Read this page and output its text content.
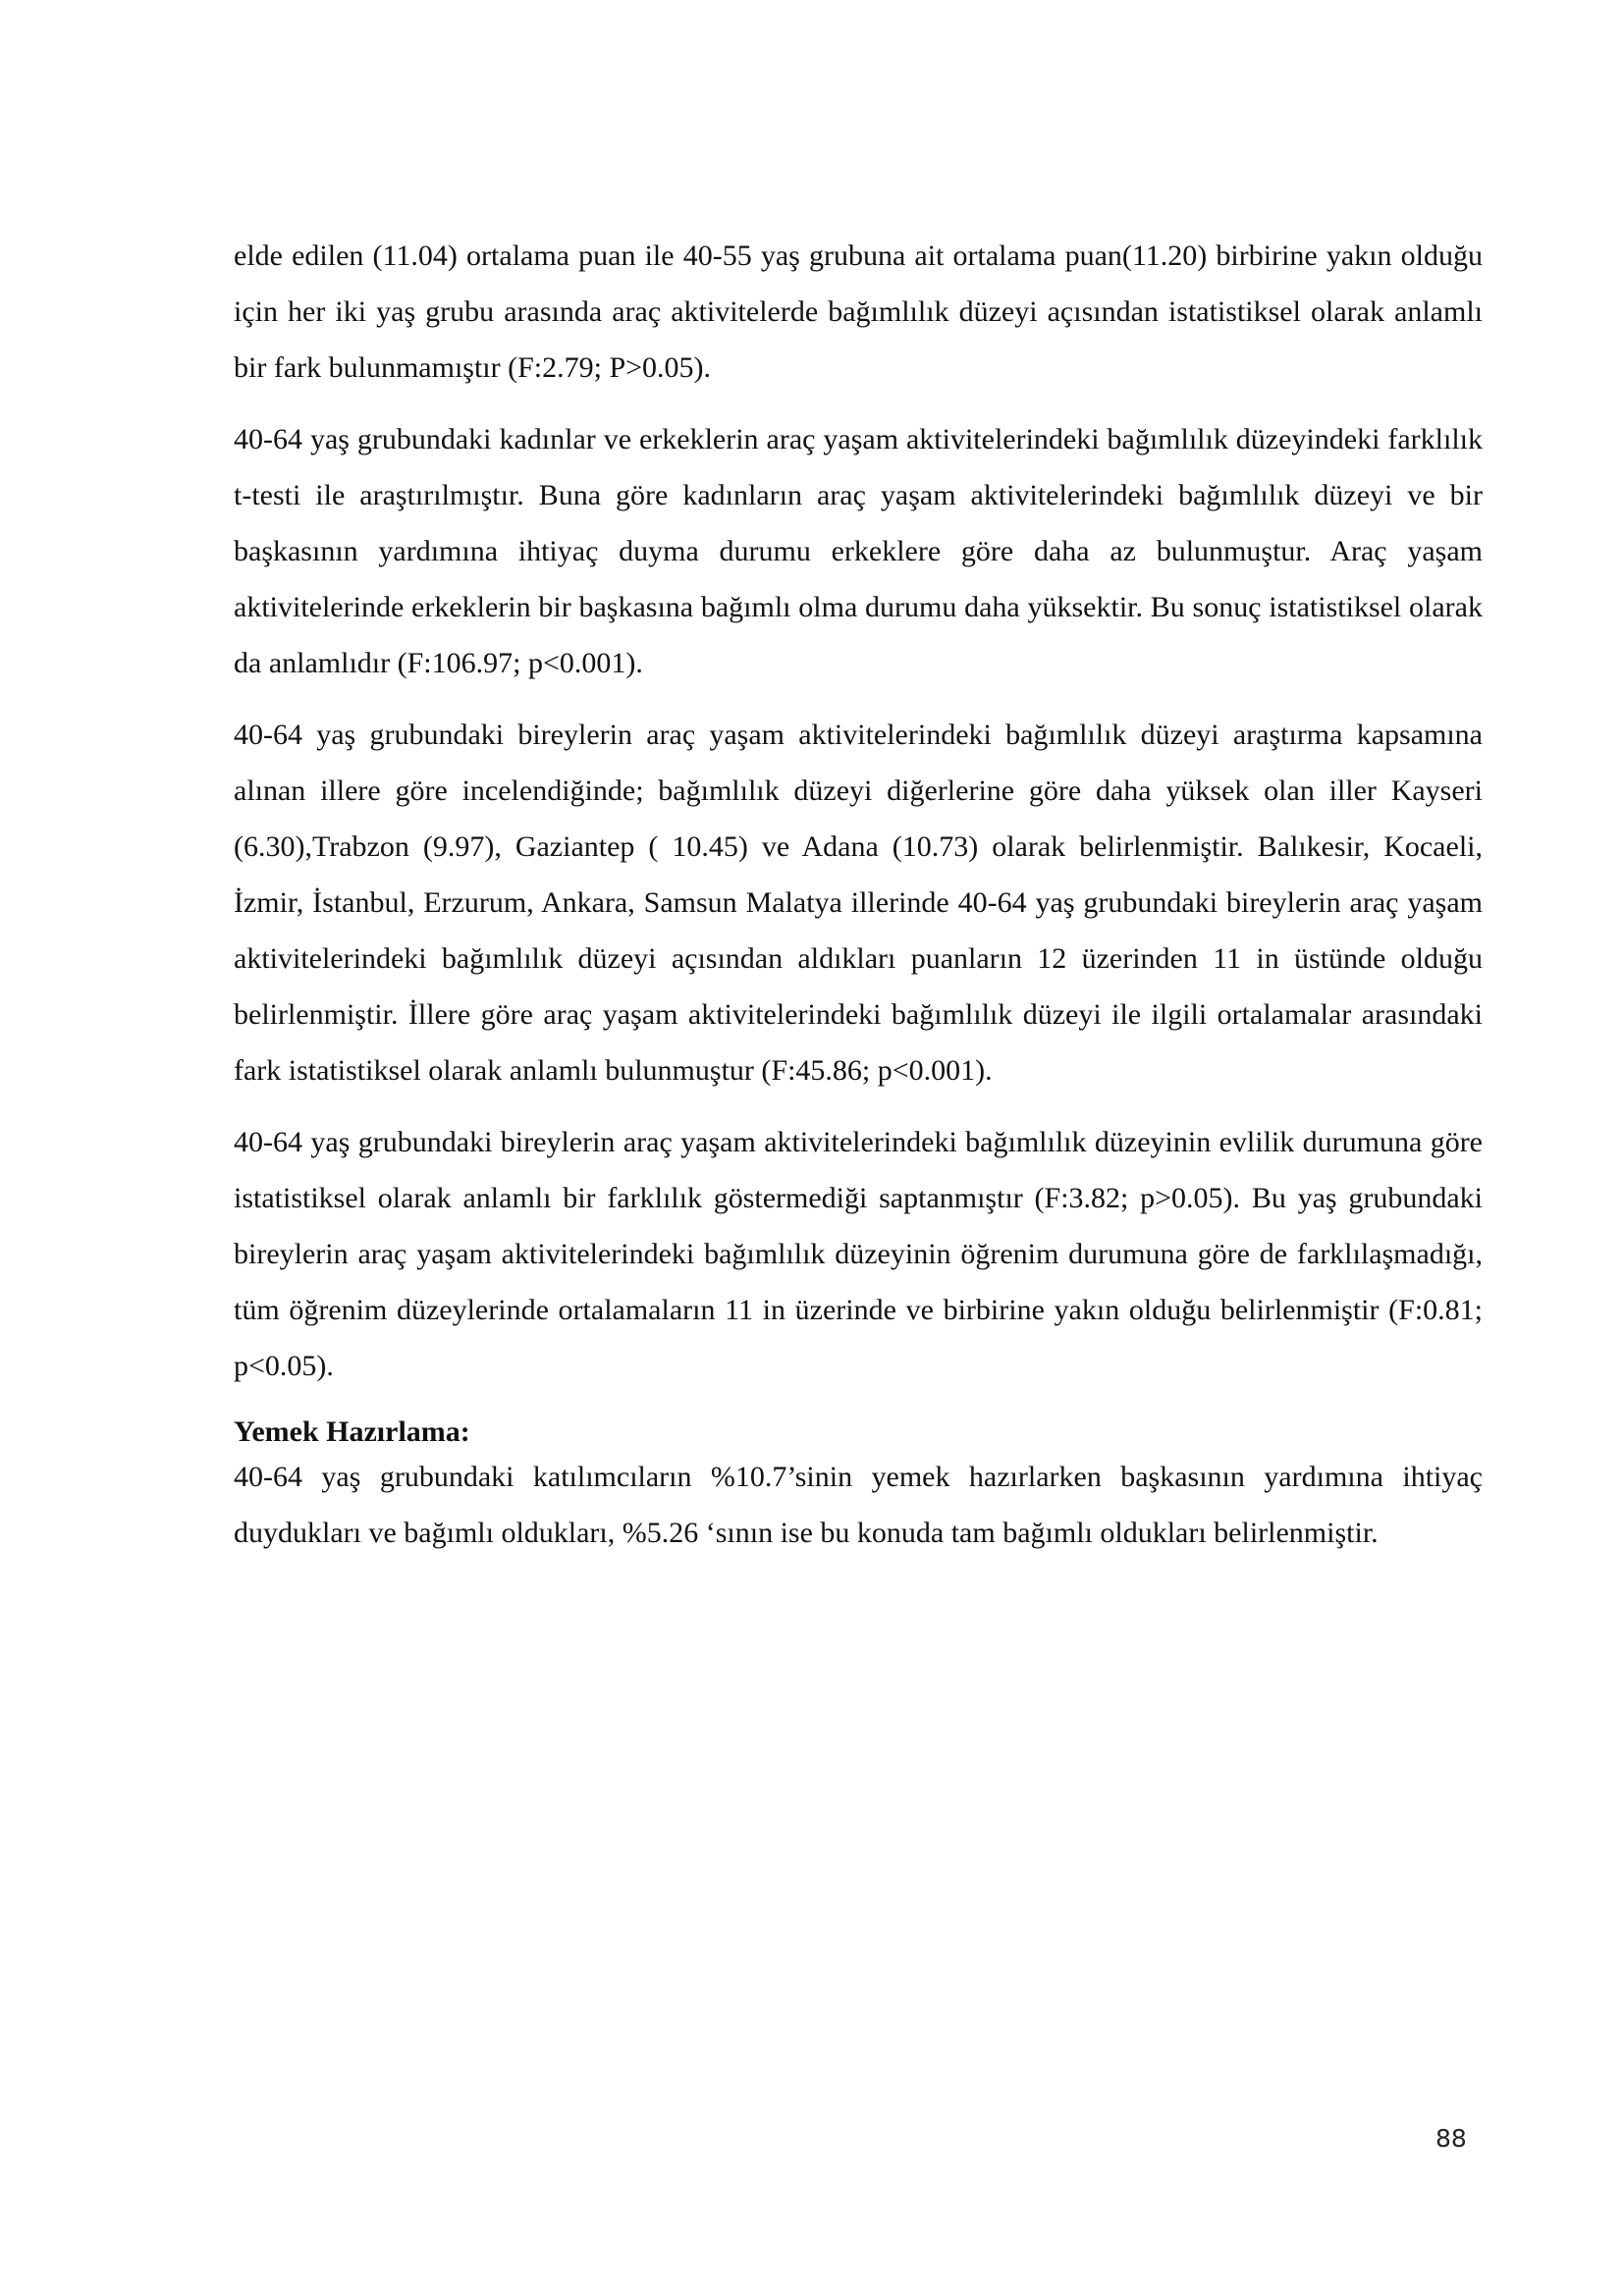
elde edilen (11.04) ortalama puan ile 40-55 yaş grubuna ait ortalama puan(11.20) birbirine yakın olduğu için her iki yaş grubu arasında araç aktivitelerde bağımlılık düzeyi açısından istatistiksel olarak anlamlı bir fark bulunmamıştır (F:2.79; P>0.05).

40-64 yaş grubundaki kadınlar ve erkeklerin araç yaşam aktivitelerindeki bağımlılık düzeyindeki farklılık t-testi ile araştırılmıştır. Buna göre kadınların araç yaşam aktivitelerindeki bağımlılık düzeyi ve bir başkasının yardımına ihtiyaç duyma durumu erkeklere göre daha az bulunmuştur. Araç yaşam aktivitelerinde erkeklerin bir başkasına bağımlı olma durumu daha yüksektir. Bu sonuç istatistiksel olarak da anlamlıdır (F:106.97; p<0.001).

40-64 yaş grubundaki bireylerin araç yaşam aktivitelerindeki bağımlılık düzeyi araştırma kapsamına alınan illere göre incelendiğinde; bağımlılık düzeyi diğerlerine göre daha yüksek olan iller Kayseri (6.30),Trabzon (9.97), Gaziantep ( 10.45) ve Adana (10.73) olarak belirlenmiştir. Balıkesir, Kocaeli, İzmir, İstanbul, Erzurum, Ankara, Samsun Malatya illerinde 40-64 yaş grubundaki bireylerin araç yaşam aktivitelerindeki bağımlılık düzeyi açısından aldıkları puanların 12 üzerinden 11 in üstünde olduğu belirlenmiştir. İllere göre araç yaşam aktivitelerindeki bağımlılık düzeyi ile ilgili ortalamalar arasındaki fark istatistiksel olarak anlamlı bulunmuştur (F:45.86; p<0.001).

40-64 yaş grubundaki bireylerin araç yaşam aktivitelerindeki bağımlılık düzeyinin evlilik durumuna göre istatistiksel olarak anlamlı bir farklılık göstermediği saptanmıştır (F:3.82; p>0.05). Bu yaş grubundaki bireylerin araç yaşam aktivitelerindeki bağımlılık düzeyinin öğrenim durumuna göre de farklılaşmadığı, tüm öğrenim düzeylerinde ortalamaların 11 in üzerinde ve birbirine yakın olduğu belirlenmiştir (F:0.81; p<0.05).

Yemek Hazırlama:

40-64 yaş grubundaki katılımcıların %10.7’sinin yemek hazırlarken başkasının yardımına ihtiyaç duydukları ve bağımlı oldukları, %5.26 ‘sının ise bu konuda tam bağımlı oldukları belirlenmiştir.

88
